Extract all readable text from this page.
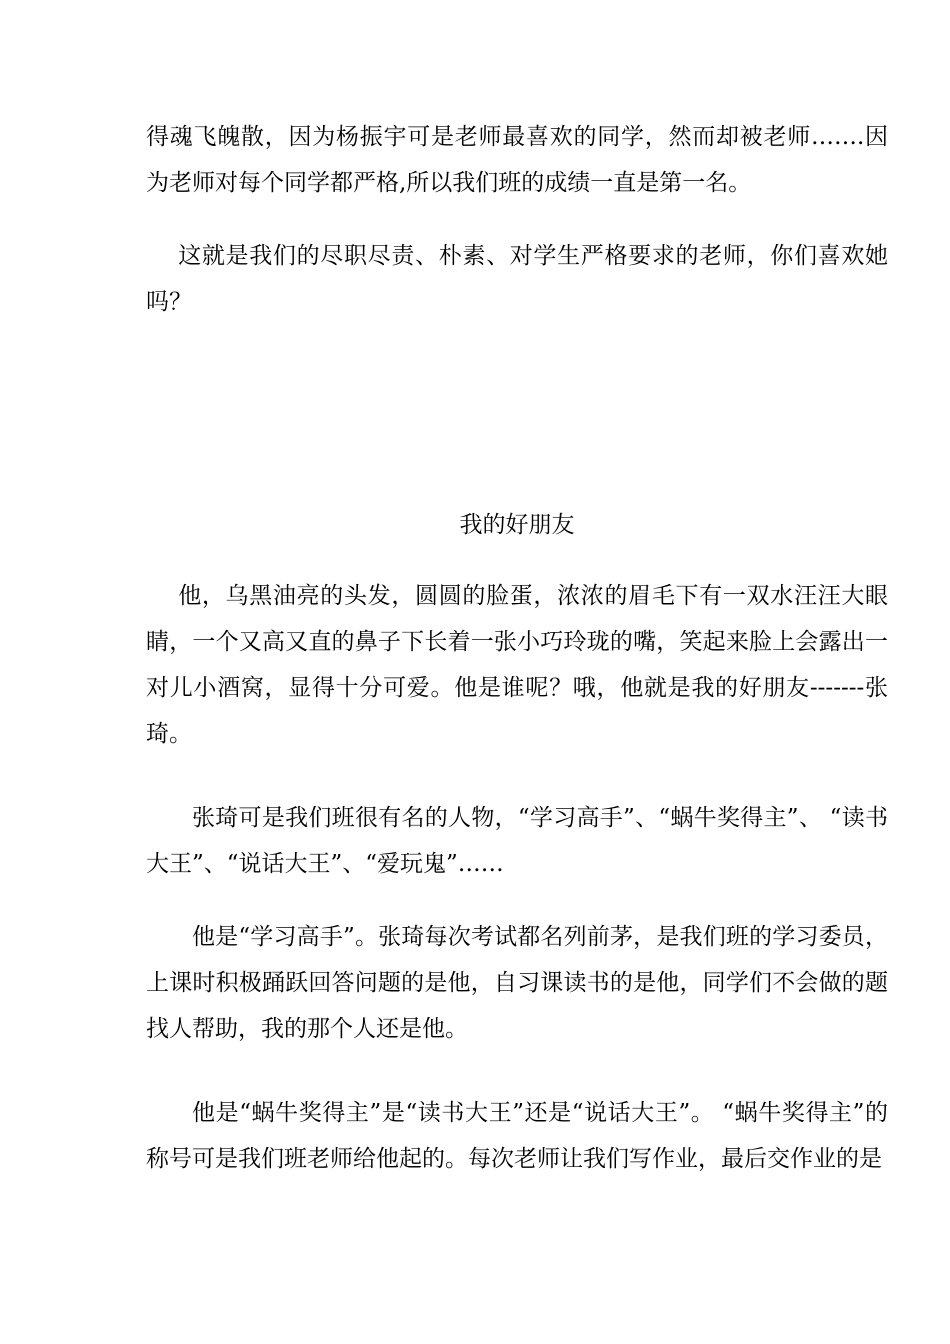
得魂飞魄散，因为杨振宇可是老师最喜欢的同学，然而却被老师…….因为老师对每个同学都严格,所以我们班的成绩一直是第一名。

这就是我们的尽职尽责、朴素、对学生严格要求的老师，你们喜欢她吗？

我的好朋友

他，乌黑油亮的头发，圆圆的脸蛋，浓浓的眉毛下有一双水汪汪大眼睛，一个又高又直的鼻子下长着一张小巧玲珑的嘴，笑起来脸上会露出一对儿小酒窝，显得十分可爱。他是谁呢？哦，他就是我的好朋友-------张琦。

张琦可是我们班很有名的人物，“学习高手”、“蜗牛奖得主”、 “读书大王”、“说话大王”、“爱玩鬼”……

他是“学习高手”。张琦每次考试都名列前茅，是我们班的学习委员，上课时积极踊跃回答问题的是他，自习课读书的是他，同学们不会做的题找人帮助，我的那个人还是他。

他是“蜗牛奖得主”是“读书大王”还是“说话大王”。 “蜗牛奖得主”的称号可是我们班老师给他起的。每次老师让我们写作业，最后交作业的是
